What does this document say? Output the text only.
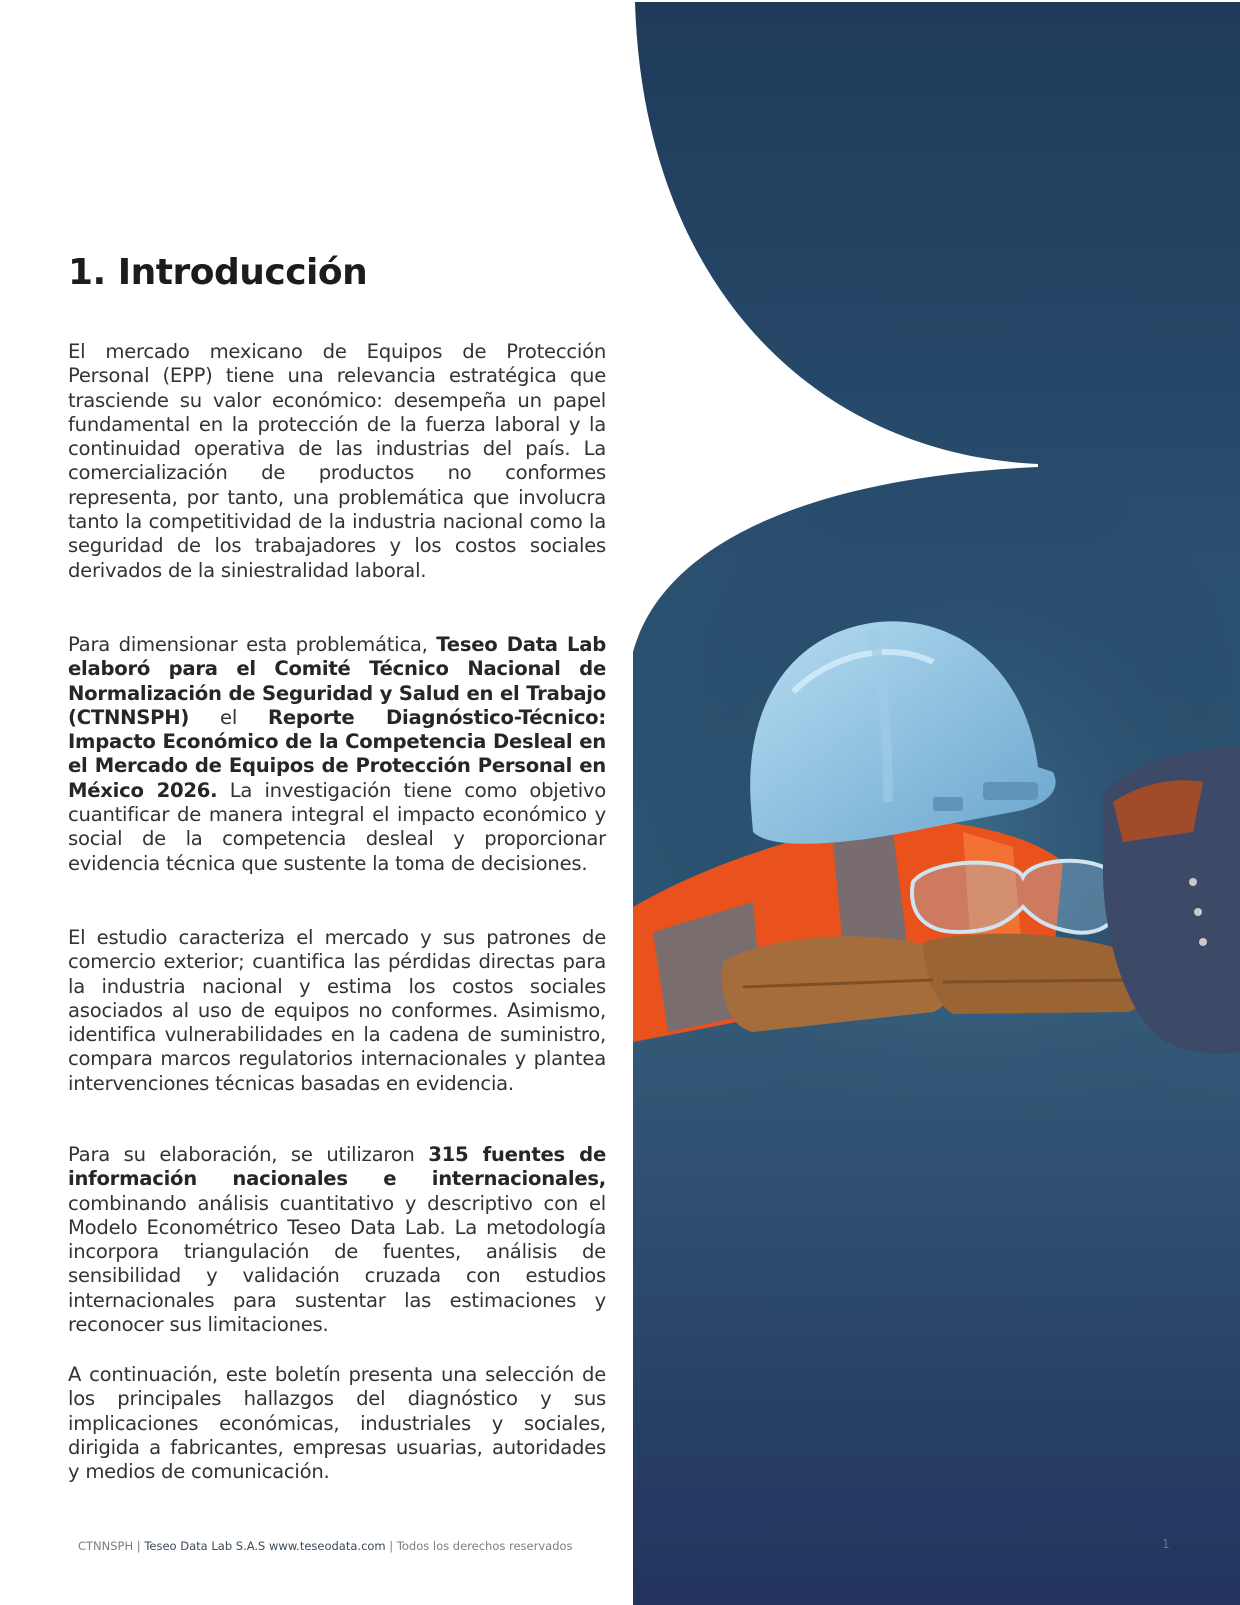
1. Introducción

El mercado mexicano de Equipos de Protección Personal (EPP) tiene una relevancia estratégica que trasciende su valor económico: desempeña un papel fundamental en la protección de la fuerza laboral y la continuidad operativa de las industrias del país. La comercialización de productos no conformes representa, por tanto, una problemática que involucra tanto la competitividad de la industria nacional como la seguridad de los trabajadores y los costos sociales derivados de la siniestralidad laboral.

Para dimensionar esta problemática, Teseo Data Lab elaboró para el Comité Técnico Nacional de Normalización de Seguridad y Salud en el Trabajo (CTNNSPH) el Reporte Diagnóstico-Técnico: Impacto Económico de la Competencia Desleal en el Mercado de Equipos de Protección Personal en México 2026. La investigación tiene como objetivo cuantificar de manera integral el impacto económico y social de la competencia desleal y proporcionar evidencia técnica que sustente la toma de decisiones.

El estudio caracteriza el mercado y sus patrones de comercio exterior; cuantifica las pérdidas directas para la industria nacional y estima los costos sociales asociados al uso de equipos no conformes. Asimismo, identifica vulnerabilidades en la cadena de suministro, compara marcos regulatorios internacionales y plantea intervenciones técnicas basadas en evidencia.

Para su elaboración, se utilizaron 315 fuentes de información nacionales e internacionales, combinando análisis cuantitativo y descriptivo con el Modelo Econométrico Teseo Data Lab. La metodología incorpora triangulación de fuentes, análisis de sensibilidad y validación cruzada con estudios internacionales para sustentar las estimaciones y reconocer sus limitaciones.

A continuación, este boletín presenta una selección de los principales hallazgos del diagnóstico y sus implicaciones económicas, industriales y sociales, dirigida a fabricantes, empresas usuarias, autoridades y medios de comunicación.

CTNNSPH | Teseo Data Lab S.A.S www.teseodata.com | Todos los derechos reservados	1
